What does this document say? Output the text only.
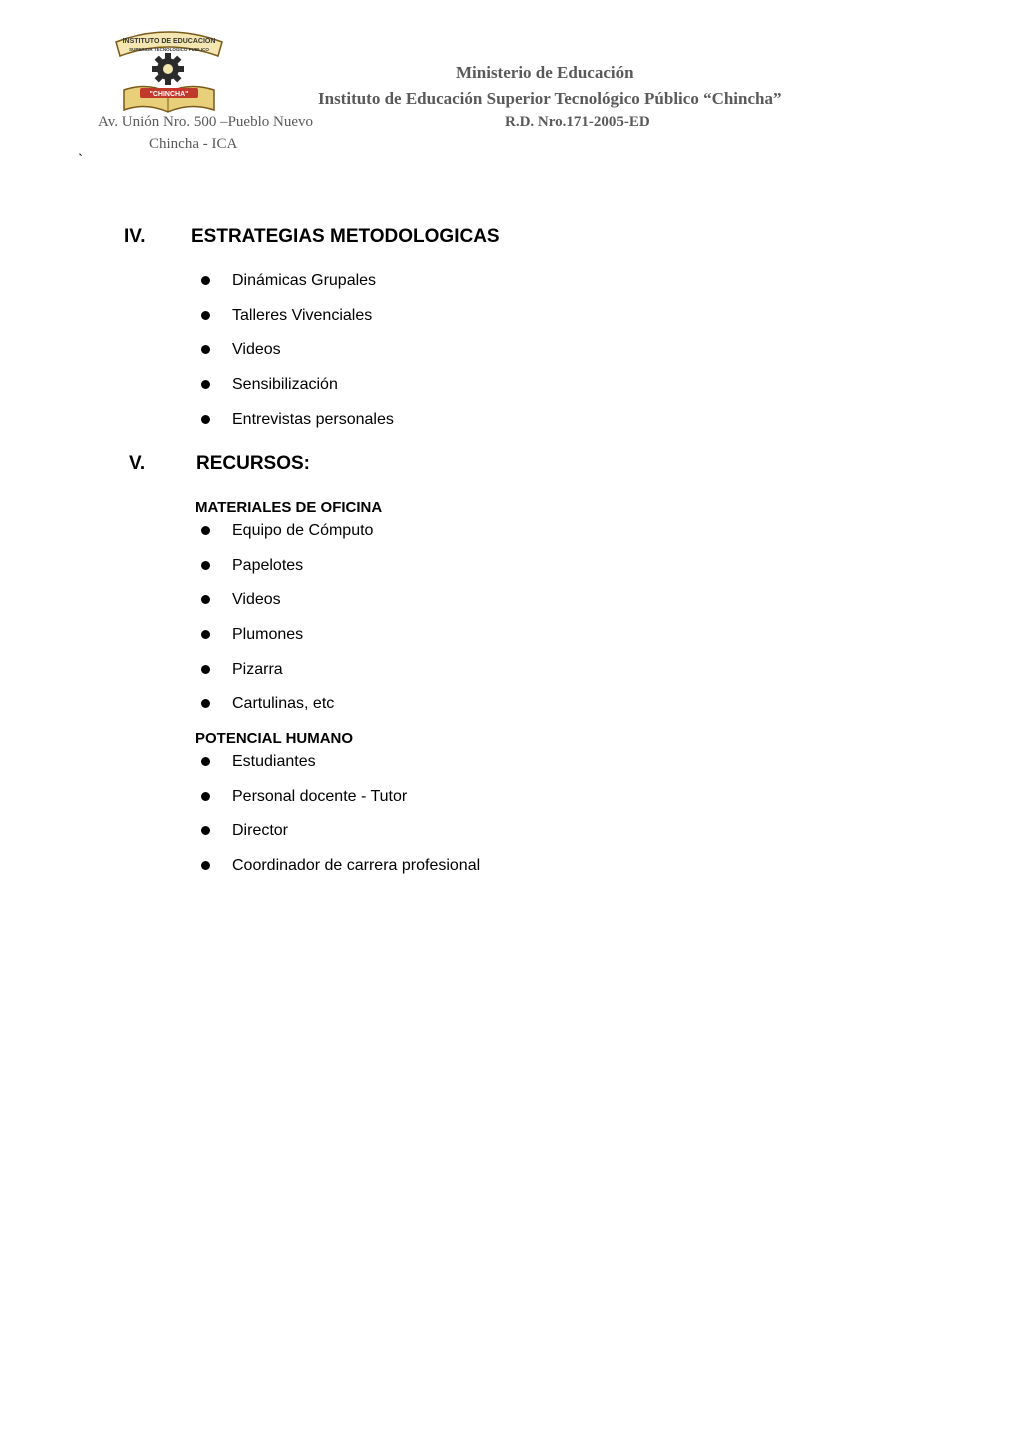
INSTITUTO DE EDUCACION
SUPERIOR TECNOLOGICO PUBLICO
"CHINCHA"
Ministerio de Educación
Instituto de Educación Superior Tecnológico Público “Chincha”
Av. Unión Nro. 500 –Pueblo Nuevo	R.D. Nro.171-2005-ED
Chincha - ICA
`
IV. ESTRATEGIAS METODOLOGICAS
Dinámicas Grupales
Talleres Vivenciales
Videos
Sensibilización
Entrevistas personales
V.	RECURSOS:
MATERIALES DE OFICINA
Equipo de Cómputo
Papelotes
Videos
Plumones
Pizarra
Cartulinas, etc
POTENCIAL HUMANO
Estudiantes
Personal docente - Tutor
Director
Coordinador de carrera profesional
